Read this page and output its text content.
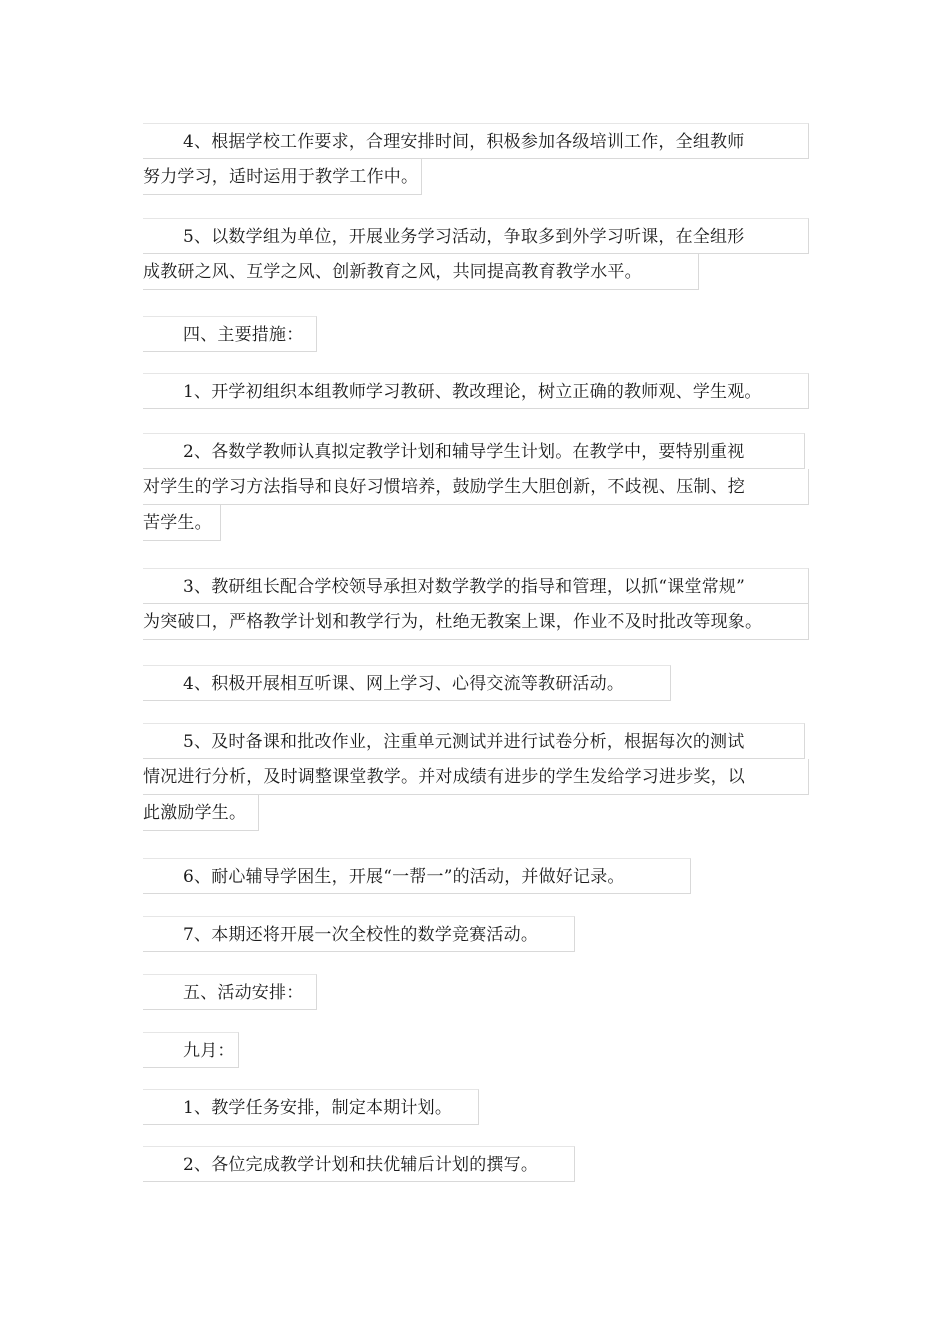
4、根据学校工作要求，合理安排时间，积极参加各级培训工作，全组教师
努力学习，适时运用于教学工作中。
5、以数学组为单位，开展业务学习活动，争取多到外学习听课，在全组形
成教研之风、互学之风、创新教育之风，共同提高教育教学水平。
四、主要措施：
1、开学初组织本组教师学习教研、教改理论，树立正确的教师观、学生观。
2、各数学教师认真拟定教学计划和辅导学生计划。在教学中，要特别重视
对学生的学习方法指导和良好习惯培养，鼓励学生大胆创新，不歧视、压制、挖
苦学生。
3、教研组长配合学校领导承担对数学教学的指导和管理，以抓“课堂常规”
为突破口，严格教学计划和教学行为，杜绝无教案上课，作业不及时批改等现象。
4、积极开展相互听课、网上学习、心得交流等教研活动。
5、及时备课和批改作业，注重单元测试并进行试卷分析，根据每次的测试
情况进行分析，及时调整课堂教学。并对成绩有进步的学生发给学习进步奖，以
此激励学生。
6、耐心辅导学困生，开展“一帮一”的活动，并做好记录。
7、本期还将开展一次全校性的数学竞赛活动。
五、活动安排：
九月：
1、教学任务安排，制定本期计划。
2、各位完成教学计划和扶优辅后计划的撰写。
